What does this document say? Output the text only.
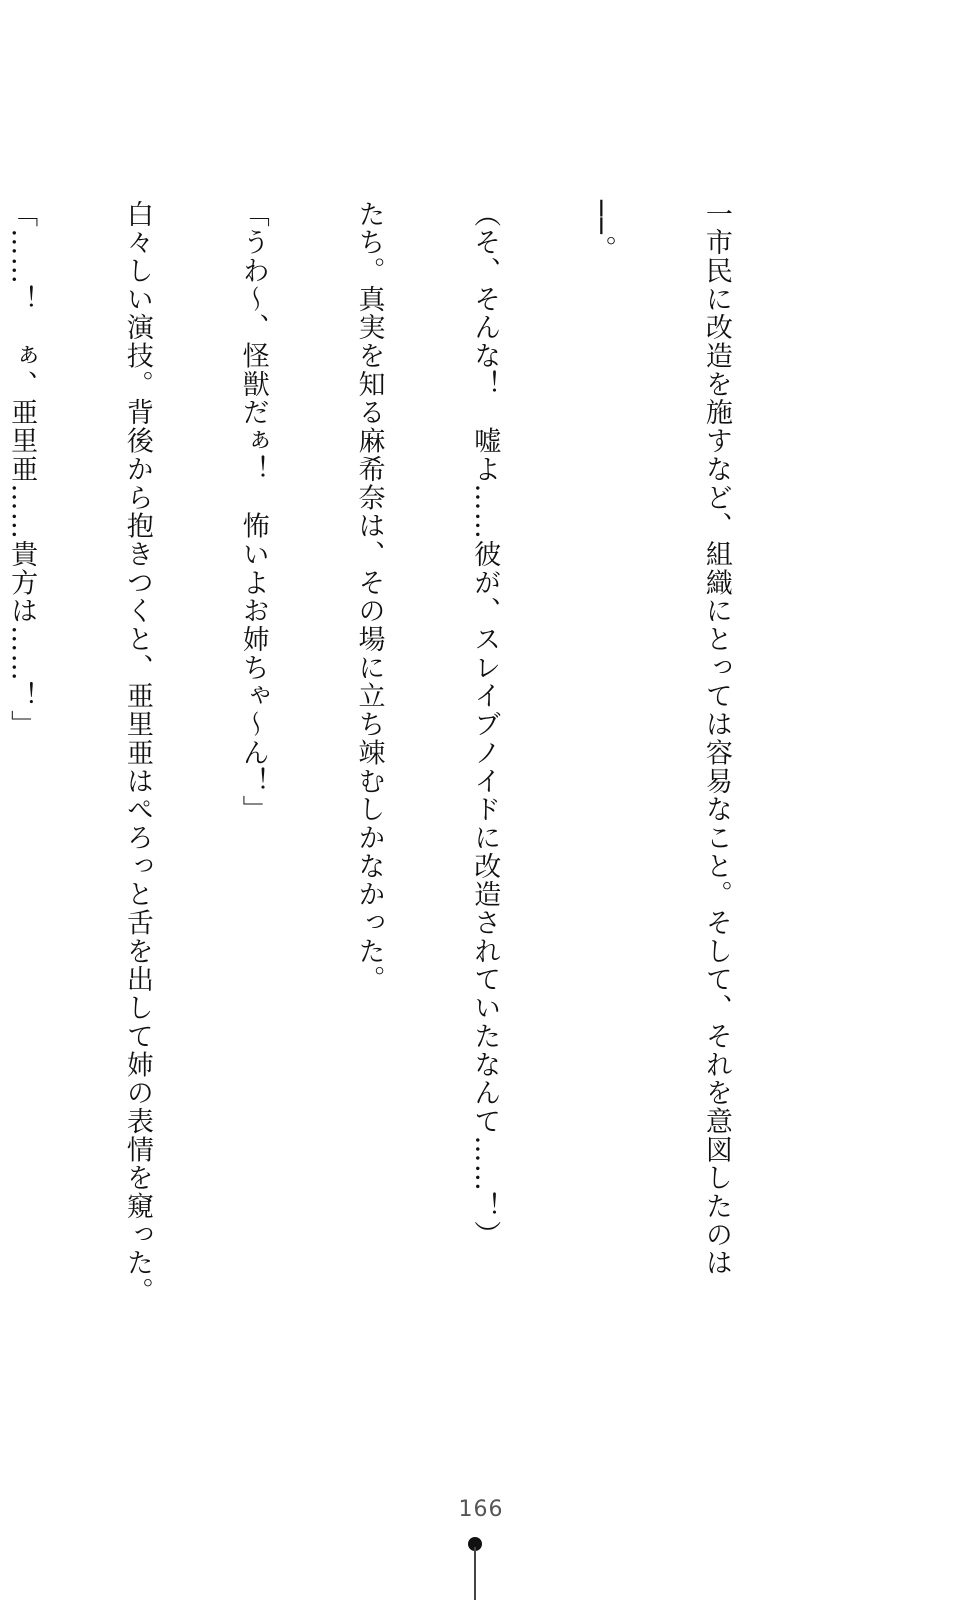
一市民に改造を施すなど、組織にとっては容易なこと。そして、それを意図したのは

──。

（そ、そんな！　嘘よ……彼が、スレイブノイドに改造されていたなんて……！）

たち。真実を知る麻希奈は、その場に立ち竦むしかなかった。

「うわ～、怪獣だぁ！　怖いよお姉ちゃ～ん！」

白々しい演技。背後から抱きつくと、亜里亜はぺろっと舌を出して姉の表情を窺った。

「……！　ぁ、亜里亜……貴方は……！」

166
